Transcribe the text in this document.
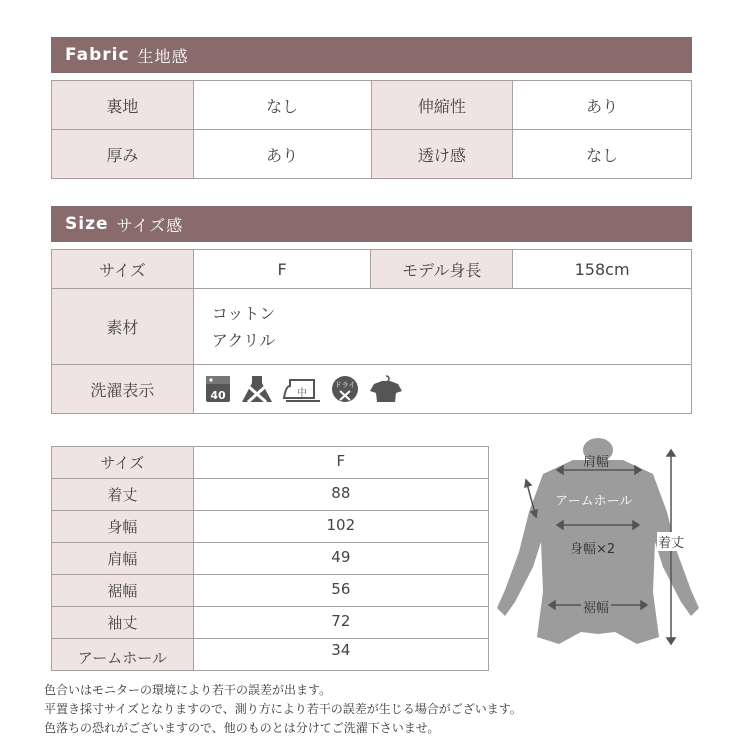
Fabric 生地感
裏地	なし	伸縮性	あり
厚み	あり	透け感	なし
Size サイズ感
サイズ	F	モデル身長	158cm
素材	コットン
アクリル		

洗濯表示	40 中
ドライ		
サイズ	F
着丈	88
身幅	102
肩幅	49
裾幅	56
袖丈	72
アームホール	34
肩幅
アームホール
身幅×2
裾幅
着丈
色合いはモニターの環境により若干の誤差が出ます。
平置き採寸サイズとなりますので、測り方により若干の誤差が生じる場合がございます。
色落ちの恐れがございますので、他のものとは分けてご洗濯下さいませ。
